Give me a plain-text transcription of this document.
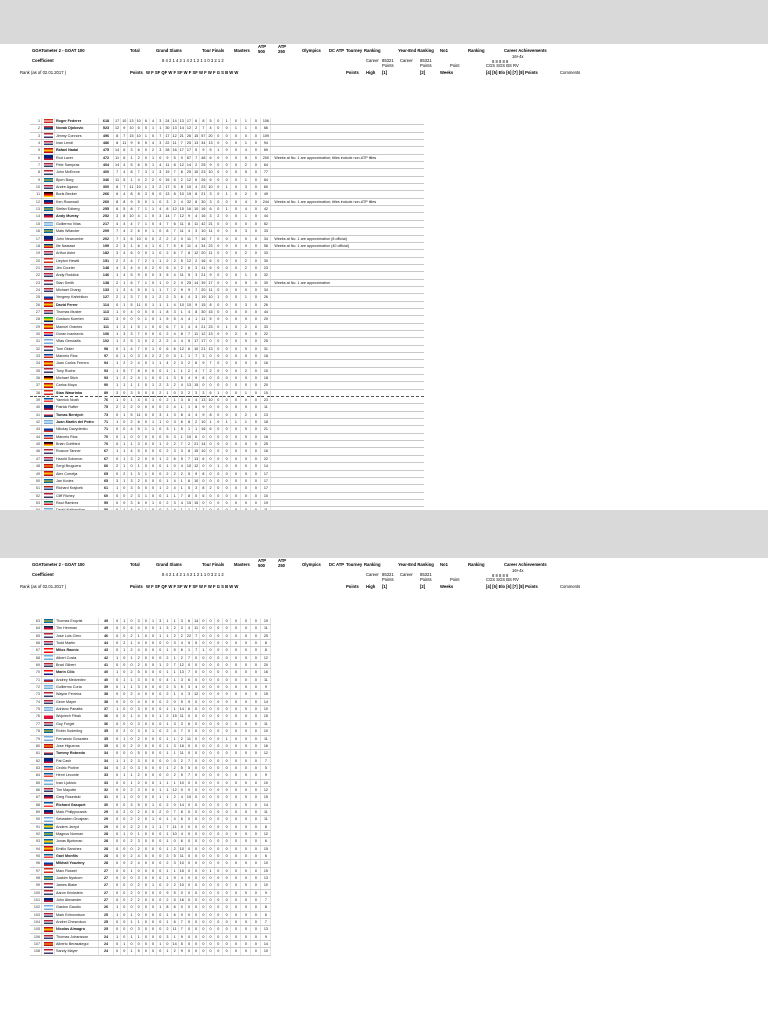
GOATometer 2 - GOAT 100	Total	Grand Slams	Tour Finals Masters
ATP 500
ATP 250	Olympics DC ATP Tourney Ranking	Year-End Ranking No1	Ranking	Career Achievements
Coefficient	8 4 2 1 4 2 1 4 2 1 2 1 1 0 3 2 1 2	Career 85321 Career 85321
16+4x
8 8 8 8 8
Points	Points	Point	CGS SGS BS RV
Rank (as of 02.01.2017 )	Points W F SF QF W F SF W F SF W F W F G S B W W	Points High [1]	[2]	Weeks	[4] [5] Elo [6] [7] [8] Points	Comments
1		Roger Federer	618	17	10	13	10	6	4	3	24	14	13	17	6	8	5	0	1	0	1	0	106	
2		Novak Djokovic	523	12	9	10	6	5	1	1	30	13	14	12	2	7	4	0	0	1	1	0	66	
3		Jimmy Connors	496	8	7	15	10	1	0	7	17	12	21	26	15	57	20	0	0	0	0	0	109	
4		Ivan Lendl	486	8	11	9	6	5	4	3	22	11	7	25	13	34	13	0	0	0	1	0	94	
5		Rafael Nadal	475	14	6	3	6	0	2	3	28	16	17	17	5	9	5	1	0	0	4	0	69	
6		Rod Laver	472	11	6	1	2	0	1	0	9	5	0	67	7	48	6	0	0	0	5	0	200	Weeks at No. 1 are approximation; titles include non-ATP titles
7		Pete Sampras	404	14	4	5	6	5	1	4	11	8	12	14	2	25	9	0	0	0	2	0	64	
8		John McEnroe	400	7	4	8	7	3	1	3	19	7	8	25	10	23	10	0	0	0	5	0	77	
9		Bjorn Borg	346	11	5	1	4	2	2	0	15	5	2	12	6	26	6	0	0	0	1	0	64	
10		Andre Agassi	300	8	7	11	10	1	3	2	17	5	8	10	4	23	10	0	1	0	3	0	60	
11		Boris Becker	266	6	4	8	8	3	5	0	13	8	10	19	8	21	3	0	1	0	2	0	49	
12		Ken Rosewall	260	8	8	9	5	0	1	0	3	2	4	32	8	30	3	0	0	0	4	0	244	Weeks at No. 1 are approximation; titles include non-ATP titles
13		Stefan Edberg	255	6	5	8	7	1	1	4	8	12	15	16	10	16	6	0	1	0	4	0	42	
14		Andy Murray	252	3	8	10	4	1	0	3	14	7	12	9	4	16	3	2	0	0	1	0	44	
15		Guillermo Vilas	217	4	4	4	7	1	0	4	7	6	11	8	11	42	21	0	0	0	0	0	62	
16		Mats Wilander	209	7	4	2	6	0	1	0	8	7	11	4	3	10	11	0	0	0	3	0	33	
17		John Newcombe	202	7	3	6	10	0	0	2	2	2	0	11	7	16	7	0	0	0	0	0	34	Weeks at No. 1 are approximation (8 official)
18		Ilie Nastase	199	2	3	1	6	4	1	0	7	5	6	11	4	34	23	0	0	0	0	0	58	Weeks at No. 1 are approximation (40 official)
19		Arthur Ashe	182	3	4	6	0	0	1	0	2	6	7	8	12	20	11	0	0	0	2	0	33	
20		Lleyton Hewitt	151	2	2	4	7	2	1	1	2	2	5	12	2	16	6	0	0	0	2	0	30	
21		Jim Courier	148	4	3	4	4	0	2	0	5	4	2	6	3	11	6	0	0	0	2	0	23	
22		Andy Roddick	146	1	4	5	9	0	0	3	5	4	11	5	3	21	9	0	0	0	1	0	32	
23		Stan Smith	138	2	1	6	7	1	0	1	0	2	0	25	14	39	17	0	0	0	5	0	39	Weeks at No. 1 are approximation
24		Michael Chang	133	1	3	4	5	0	1	1	7	2	9	9	7	20	11	0	0	0	0	0	34	
25		Yevgeny Kafelnikov	127	2	1	3	7	0	1	2	2	3	6	4	3	19	10	1	0	0	1	0	26	
26		David Ferrer	114	0	1	5	11	0	1	1	1	4	10	10	9	15	8	0	0	0	3	0	26	
27		Thomas Muster	113	1	0	4	0	0	0	1	8	3	1	4	8	30	15	0	0	0	0	0	44	
28		Gustavo Kuerten	111	3	0	0	0	1	0	1	5	5	4	4	1	11	5	0	0	0	0	0	20	
29		Manuel Orantes	111	1	2	1	5	1	0	0	6	7	3	4	4	21	23	0	1	0	2	0	33	
30		Goran Ivanisevic	106	1	3	3	7	0	0	0	2	4	8	7	11	12	13	0	0	2	0	0	22	
31		Vitas Gerulaitis	102	1	2	5	3	0	2	2	2	4	4	5	17	17	0	0	0	0	0	0	25	
32		Tom Okker	98	0	1	4	7	0	1	0	6	6	12	6	10	21	13	0	0	0	0	0	31	
33		Marcelo Rios	97	0	1	0	3	0	2	2	0	3	1	1	7	3	0	0	0	0	0	0	18	
34		Juan Carlos Ferrero	94	1	2	2	4	0	1	1	4	2	3	2	6	9	7	0	0	0	0	0	16	
35		Tony Roche	93	1	5	7	8	0	0	0	1	1	1	2	4	7	2	0	0	0	2	0	15	
36		Michael Stich	93	1	2	2	4	1	0	0	1	3	5	4	9	8	0	0	0	0	0	0	18	
37		Carlos Moya	90	1	1	1	1	0	1	2	3	2	4	13	15	0	0	0	0	0	0	0	20	
38		Stan Wawrinka	89	3	0	3	5	0	0	2	1	0	3	2	3	3	6	1	0	0	1	0	15	
39		Yannick Noah	76	1	0	1	4	0	1	0	2	1	3	6	4	13	10	0	0	0	0	0	23	
40		Patrick Rafter	75	2	2	2	0	0	0	0	2	4	1	1	6	9	0	0	0	0	0	0	11	
41		Tomas Berdych	73	0	1	5	11	0	0	3	1	3	8	4	4	9	8	0	0	0	2	0	13	
42		Juan Martin del Potro	71	1	0	2	6	0	1	1	0	3	6	8	2	10	1	0	1	1	1	0	18	
43		Nikolay Davydenko	71	0	0	4	5	1	1	0	3	1	5	1	1	16	6	0	0	0	0	0	21	
44		Marcelo Rios	70	0	1	0	0	0	0	0	5	3	1	10	6	0	0	0	0	0	0	0	18	
45		Brian Gottfried	70	0	1	1	3	0	0	1	2	2	7	2	21	14	0	0	0	0	0	0	25	
46		Roscoe Tanner	67	1	1	4	5	0	0	0	2	3	3	8	15	10	0	0	0	0	0	0	16	
47		Harold Solomon	67	0	1	3	2	0	0	1	2	6	5	7	13	6	0	0	0	0	0	0	22	
48		Sergi Bruguera	66	2	1	0	1	0	0	0	1	0	4	10	12	0	0	1	0	0	0	0	14	
49		Alex Corretja	65	0	2	1	3	1	0	0	2	2	2	5	9	8	0	0	0	0	0	0	17	
50		Jan Kodes	65	3	1	3	2	0	0	0	1	4	1	6	10	0	0	0	0	0	0	0	17	
51		Richard Krajicek	61	1	0	3	5	0	0	1	2	4	1	5	3	8	2	0	0	0	0	0	17	
52		Cliff Richey	60	0	0	2	3	1	0	0	1	1	7	8	0	6	0	0	0	0	0	0	10	
53		Raul Ramirez	59	0	0	3	6	0	1	0	2	3	4	15	15	0	0	0	0	0	0	0	19	

GOATometer 2 - GOAT 100	Total	Grand Slams	Tour Finals Masters
ATP 500
ATP 250	Olympics DC ATP Tourney Ranking	Year-End Ranking No1	Ranking	Career Achievements
Coefficient	8 4 2 1 4 2 1 4 2 1 2 1 1 0 3 2 1 2	Career 85321 Career 85321
16+4x
8 8 8 8 8
Points	Points	Point	CGS SGS BS RV
Rank (as of 02.01.2017 )	Points W F SF QF W F SF W F SF W F W F G S B W W	Points High [1]	[2]	Weeks	[4] [5] Elo [6] [7] [8] Points	Comments
63		Thomas Enqvist	49	0	1	0	3	0	1	3	1	1	3	6	14	0	0	0	0	0	0	0	19
64		Tim Henman	49	0	0	6	4	0	0	1	3	2	3	4	11	0	0	0	0	0	0	0	11
65		Jose Luis Clerc	46	0	0	2	1	0	0	1	1	2	2	22	7	0	0	0	0	0	0	0	25
66		Todd Martin	44	0	2	1	4	0	0	0	0	3	4	5	5	0	0	0	0	0	0	0	8
67		Milos Raonic	43	0	1	2	4	0	0	0	1	5	6	1	7	1	0	0	0	0	0	0	8
68		Albert Costa	42	1	0	1	2	0	0	0	2	1	2	7	0	0	0	0	0	0	0	0	12
69		Brad Gilbert	41	0	0	0	2	0	0	1	2	7	12	0	0	0	0	0	0	0	0	0	20
70		Marin Cilic	40	1	0	2	5	0	0	0	1	1	13	7	0	0	0	0	0	0	0	0	16
71		Andrey Medvedev	40	0	1	1	3	0	0	0	4	1	3	6	0	0	0	0	0	0	0	0	11
72		Guillermo Coria	39	0	1	1	3	0	0	0	2	3	5	3	4	0	0	0	0	0	0	0	9
73		Wayne Ferreira	38	0	0	2	4	0	0	0	2	1	4	3	12	0	0	0	0	0	0	0	15
74		Gene Mayer	38	0	0	0	4	0	0	0	2	0	5	9	0	0	0	0	0	0	0	0	14
75		Adriano Panatta	37	1	0	0	3	0	0	0	1	1	14	6	0	0	0	0	0	0	0	0	10
76		Wojciech Fibak	36	0	0	1	4	0	0	1	2	15	11	0	0	0	0	0	0	0	0	0	15
77		Guy Forget	36	0	0	0	3	0	0	0	1	3	3	6	0	0	0	0	0	0	0	0	11
78		Robin Soderling	35	0	2	0	3	0	1	0	2	4	7	0	0	0	0	0	0	0	0	0	10
79		Fernando Gonzalez	35	0	1	0	2	0	0	0	1	1	2	11	0	0	0	0	1	0	0	0	11
80		Jose Higueras	35	0	0	2	0	0	0	0	1	3	16	0	0	0	0	0	0	0	0	0	16
81		Tommy Robredo	34	0	0	0	5	0	0	0	1	1	11	0	0	0	0	0	0	0	0	0	12
82		Pat Cash	34	1	1	2	3	0	0	0	0	0	2	7	0	0	0	0	0	0	0	0	7
83		Cedric Pioline	34	0	2	0	3	0	0	0	1	2	5	5	0	0	0	0	0	0	0	0	5
84		Henri Leconte	33	0	1	1	2	0	0	0	0	2	5	7	0	0	0	0	0	0	0	0	9
85		Ivan Ljubicic	33	0	0	1	2	0	0	1	1	1	10	0	0	0	0	0	0	0	0	0	10
86		Tim Mayotte	32	0	0	2	3	0	0	1	1	12	0	0	0	0	0	0	0	0	0	0	12
87		Greg Rusedski	31	0	1	0	0	0	0	1	1	2	4	10	0	0	0	0	0	0	0	0	15
88		Richard Gasquet	30	0	0	3	5	0	1	0	2	0	14	0	0	0	0	0	0	0	0	0	14
89		Mark Philippoussis	29	0	2	0	2	0	0	2	0	7	8	0	0	0	0	0	0	0	0	0	11
90		Sebastien Grosjean	29	0	0	2	2	0	1	0	1	4	6	0	0	0	0	0	0	0	0	0	11
91		Anders Jarryd	29	0	0	2	2	0	1	1	7	11	0	0	0	0	0	0	0	0	0	0	8
92		Magnus Norman	28	0	1	0	1	0	0	0	1	10	4	0	0	0	0	0	0	0	0	0	12
93		Jonas Bjorkman	28	0	0	2	3	0	0	0	1	0	6	0	0	0	0	0	0	0	0	0	6
94		Emilio Sanchez	28	0	0	0	2	0	0	0	1	2	10	0	0	0	0	0	0	0	0	0	15
95		Gael Monfils	28	0	0	2	4	0	0	0	3	5	11	0	0	0	0	0	0	0	0	0	6
96		Mikhail Youzhny	28	0	0	2	4	0	0	0	2	3	10	0	0	0	0	0	0	0	0	0	10
97		Marc Rosset	27	0	0	1	0	0	0	0	1	1	15	0	0	0	1	0	0	0	0	0	15
98		Joakim Nystrom	27	0	0	0	3	0	0	0	1	9	4	0	0	0	0	0	0	0	0	0	13
99		James Blake	27	0	0	0	2	0	1	0	2	2	10	0	0	0	0	0	0	0	0	0	10
100		Aaron Krickstein	27	0	0	2	0	0	0	0	9	5	0	0	0	0	0	0	0	0	0	0	9
101		John Alexander	27	0	0	2	2	0	0	0	2	5	16	0	0	0	0	0	0	0	0	0	7
102		Gaston Gaudio	26	1	0	0	0	0	0	1	8	6	0	0	0	0	0	0	0	0	0	0	8
103		Mark Edmondson	25	1	0	1	0	0	0	0	1	6	0	0	0	0	0	0	0	0	0	0	6
104		Andrei Chesnokov	25	0	0	1	1	0	0	0	1	6	7	0	0	0	0	0	0	0	0	0	7
105		Nicolas Almagro	25	0	0	0	3	0	0	0	2	11	7	0	0	0	0	0	0	0	0	0	13
106		Thomas Johansson	24	1	0	1	1	0	0	0	3	1	9	0	0	0	0	0	0	0	0	0	9
107		Alberto Berasategui	24	0	1	0	0	0	0	1	0	14	5	0	0	0	0	0	0	0	0	0	14
108		Sandy Mayer	24	0	0	1	5	0	0	0	1	2	9	0	0	0	0	0	0	0	0	0	10
